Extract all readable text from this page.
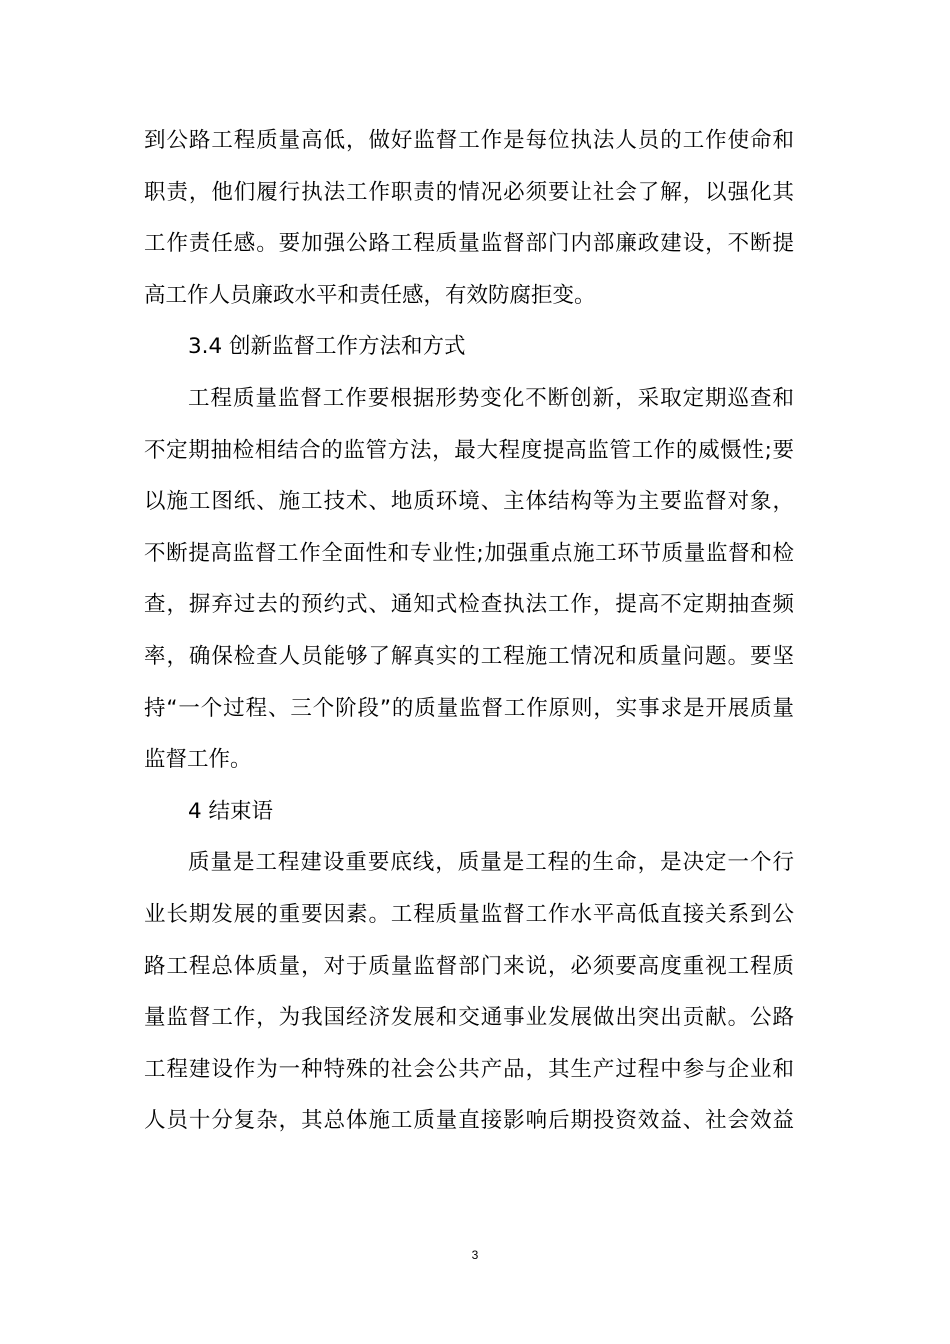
到公路工程质量高低，做好监督工作是每位执法人员的工作使命和
职责，他们履行执法工作职责的情况必须要让社会了解，以强化其
工作责任感。要加强公路工程质量监督部门内部廉政建设，不断提
高工作人员廉政水平和责任感，有效防腐拒变。
3.4 创新监督工作方法和方式
工程质量监督工作要根据形势变化不断创新，采取定期巡查和
不定期抽检相结合的监管方法，最大程度提高监管工作的威慑性;要
以施工图纸、施工技术、地质环境、主体结构等为主要监督对象，
不断提高监督工作全面性和专业性;加强重点施工环节质量监督和检
查，摒弃过去的预约式、通知式检查执法工作，提高不定期抽查频
率，确保检查人员能够了解真实的工程施工情况和质量问题。要坚
持“一个过程、三个阶段”的质量监督工作原则，实事求是开展质量
监督工作。
4 结束语
质量是工程建设重要底线，质量是工程的生命，是决定一个行
业长期发展的重要因素。工程质量监督工作水平高低直接关系到公
路工程总体质量，对于质量监督部门来说，必须要高度重视工程质
量监督工作，为我国经济发展和交通事业发展做出突出贡献。公路
工程建设作为一种特殊的社会公共产品，其生产过程中参与企业和
人员十分复杂，其总体施工质量直接影响后期投资效益、社会效益
3
